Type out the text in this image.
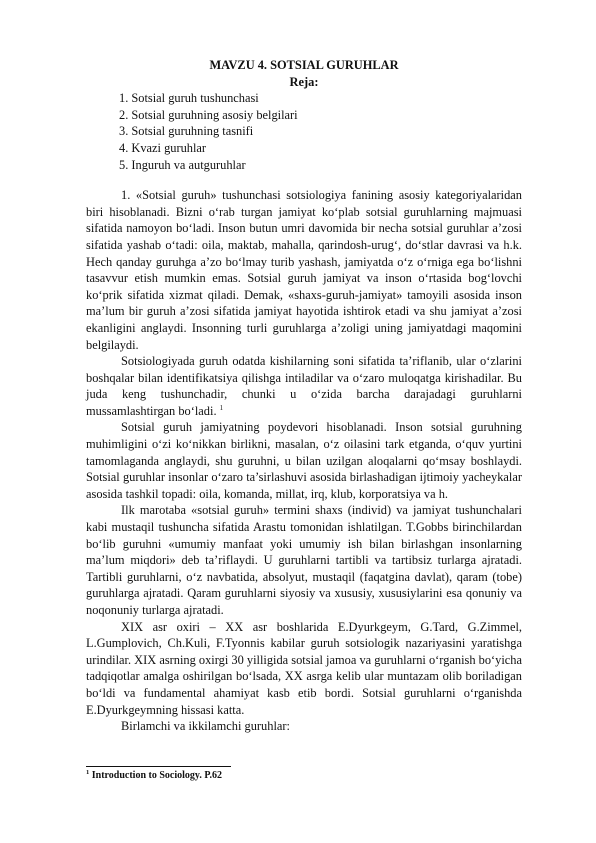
MAVZU 4. SOTSIAL GURUHLAR
Reja:
1. Sotsial guruh tushunchasi
2. Sotsial guruhning asosiy belgilari
3. Sotsial guruhning tasnifi
4. Kvazi guruhlar
5. Inguruh va autguruhlar

1. «Sotsial guruh» tushunchasi sotsiologiya fanining asosiy kategoriyalaridan biri hisoblanadi. Bizni o‘rab turgan jamiyat ko‘plab sotsial guruhlarning majmuasi sifatida namoyon bo‘ladi. Inson butun umri davomida bir necha sotsial guruhlar a’zosi sifatida yashab o‘tadi: oila, maktab, mahalla, qarindosh-urug‘, do‘stlar davrasi va h.k. Hech qanday guruhga a’zo bo‘lmay turib yashash, jamiyatda o‘z o‘rniga ega bo‘lishni tasavvur etish mumkin emas. Sotsial guruh jamiyat va inson o‘rtasida bog‘lovchi ko‘prik sifatida xizmat qiladi. Demak, «shaxs-guruh-jamiyat» tamoyili asosida inson ma’lum bir guruh a’zosi sifatida jamiyat hayotida ishtirok etadi va shu jamiyat a’zosi ekanligini anglaydi. Insonning turli guruhlarga a’zoligi uning jamiyatdagi maqomini belgilaydi.

Sotsiologiyada guruh odatda kishilarning soni sifatida ta’riflanib, ular o‘zlarini boshqalar bilan identifikatsiya qilishga intiladilar va o‘zaro muloqatga kirishadilar. Bu juda keng tushunchadir, chunki u o‘zida barcha darajadagi guruhlarni mussamlashtirgan bo‘ladi. $^1$

Sotsial guruh jamiyatning poydevori hisoblanadi. Inson sotsial guruhning muhimligini o‘zi ko‘nikkan birlikni, masalan, o‘z oilasini tark etganda, o‘quv yurtini tamomlaganda anglaydi, shu guruhni, u bilan uzilgan aloqalarni qo‘msay boshlaydi. Sotsial guruhlar insonlar o‘zaro ta’sirlashuvi asosida birlashadigan ijtimoiy yacheykalar asosida tashkil topadi: oila, komanda, millat, irq, klub, korporatsiya va h.

Ilk marotaba «sotsial guruh» termini shaxs (individ) va jamiyat tushunchalari kabi mustaqil tushuncha sifatida Arastu tomonidan ishlatilgan. T.Gobbs birinchilardan bo‘lib guruhni «umumiy manfaat yoki umumiy ish bilan birlashgan insonlarning ma’lum miqdori» deb ta’riflaydi. U guruhlarni tartibli va tartibsiz turlarga ajratadi. Tartibli guruhlarni, o‘z navbatida, absolyut, mustaqil (faqatgina davlat), qaram (tobe) guruhlarga ajratadi. Qaram guruhlarni siyosiy va xususiy, xususiylarini esa qonuniy va noqonuniy turlarga ajratadi.

XIX asr oxiri – XX asr boshlarida E.Dyurkgeym, G.Tard, G.Zimmel, L.Gumplovich, Ch.Kuli, F.Tyonnis kabilar guruh sotsiologik nazariyasini yaratishga urindilar. XIX asrning oxirgi 30 yilligida sotsial jamoa va guruhlarni o‘rganish bo‘yicha tadqiqotlar amalga oshirilgan bo‘lsada, XX asrga kelib ular muntazam olib boriladigan bo‘ldi va fundamental ahamiyat kasb etib bordi. Sotsial guruhlarni o‘rganishda E.Dyurkgeymning hissasi katta.

Birlamchi va ikkilamchi guruhlar:

$^1$ Introduction to Sociology. P.62
